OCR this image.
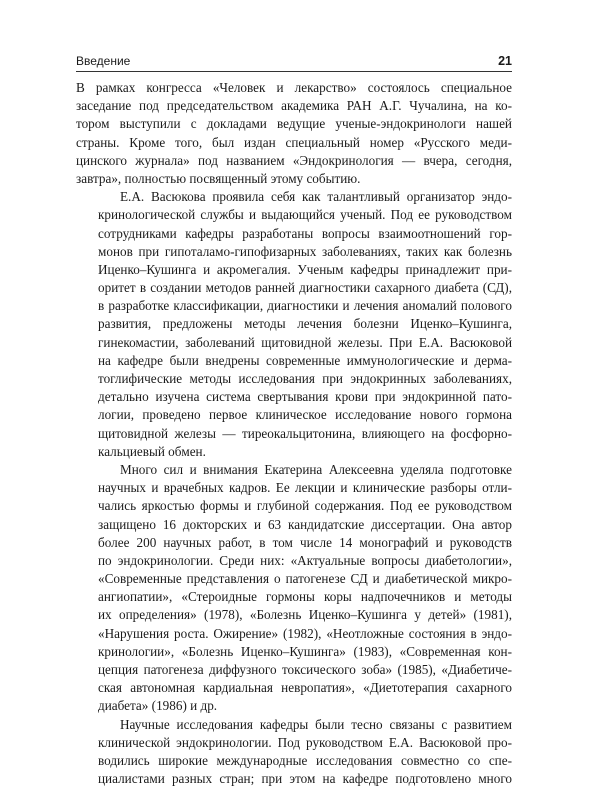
Введение	21
В рамках конгресса «Человек и лекарство» состоялось специальное
заседание под председательством академика РАН А.Г. Чучалина, на ко-
тором выступили с докладами ведущие ученые-эндокринологи нашей
страны. Кроме того, был издан специальный номер «Русского меди-
цинского журнала» под названием «Эндокринология — вчера, сегодня,
завтра», полностью посвященный этому событию.
Е.А. Васюкова проявила себя как талантливый организатор эндо-
кринологической службы и выдающийся ученый. Под ее руководством
сотрудниками кафедры разработаны вопросы взаимоотношений гор-
монов при гипоталамо-гипофизарных заболеваниях, таких как болезнь
Иценко–Кушинга и акромегалия. Ученым кафедры принадлежит при-
оритет в создании методов ранней диагностики сахарного диабета (СД),
в разработке классификации, диагностики и лечения аномалий полового
развития, предложены методы лечения болезни Иценко–Кушинга,
гинекомастии, заболеваний щитовидной железы. При Е.А. Васюковой
на кафедре были внедрены современные иммунологические и дерма-
тоглифические методы исследования при эндокринных заболеваниях,
детально изучена система свертывания крови при эндокринной пато-
логии, проведено первое клиническое исследование нового гормона
щитовидной железы — тиреокальцитонина, влияющего на фосфорно-
кальциевый обмен.
Много сил и внимания Екатерина Алексеевна уделяла подготовке
научных и врачебных кадров. Ее лекции и клинические разборы отли-
чались яркостью формы и глубиной содержания. Под ее руководством
защищено 16 докторских и 63 кандидатские диссертации. Она автор
более 200 научных работ, в том числе 14 монографий и руководств
по эндокринологии. Среди них: «Актуальные вопросы диабетологии»,
«Современные представления о патогенезе СД и диабетической микро-
ангиопатии», «Стероидные гормоны коры надпочечников и методы
их определения» (1978), «Болезнь Иценко–Кушинга у детей» (1981),
«Нарушения роста. Ожирение» (1982), «Неотложные состояния в эндо-
кринологии», «Болезнь Иценко–Кушинга» (1983), «Современная кон-
цепция патогенеза диффузного токсического зоба» (1985), «Диабетиче-
ская автономная кардиальная невропатия», «Диетотерапия сахарного
диабета» (1986) и др.
Научные исследования кафедры были тесно связаны с развитием
клинической эндокринологии. Под руководством Е.А. Васюковой про-
водились широкие международные исследования совместно со спе-
циалистами разных стран; при этом на кафедре подготовлено много
